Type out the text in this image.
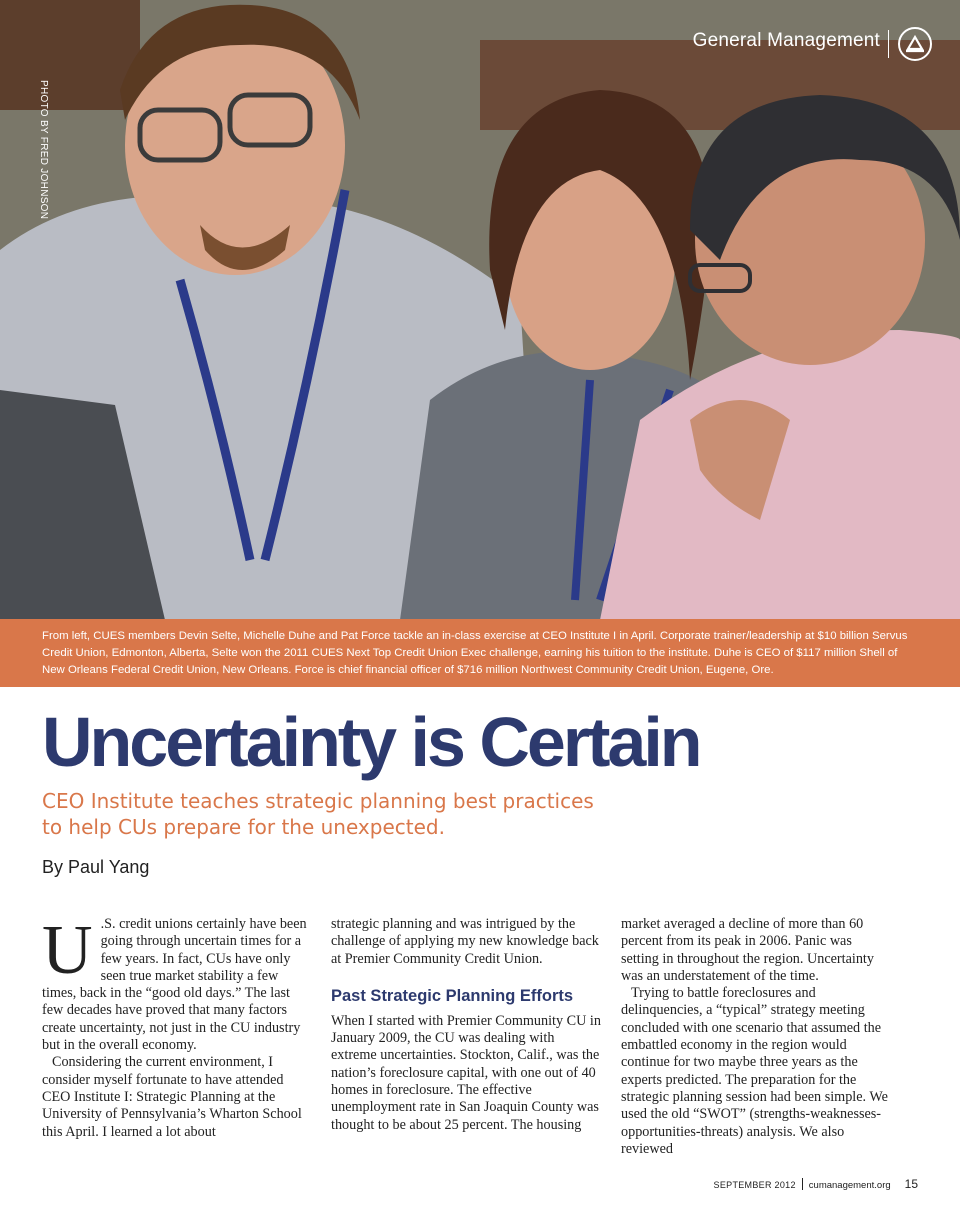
General Management
PHOTO BY FRED JOHNSON
From left, CUES members Devin Selte, Michelle Duhe and Pat Force tackle an in-class exercise at CEO Institute I in April. Corporate trainer/leadership at $10 billion Servus Credit Union, Edmonton, Alberta, Selte won the 2011 CUES Next Top Credit Union Exec challenge, earning his tuition to the institute. Duhe is CEO of $117 million Shell of New Orleans Federal Credit Union, New Orleans. Force is chief financial officer of $716 million Northwest Community Credit Union, Eugene, Ore.
Uncertainty is Certain
CEO Institute teaches strategic planning best practices
to help CUs prepare for the unexpected.
By Paul Yang

U .S. credit unions certainly have been going through uncertain times for a few years. In fact, CUs have only seen true market stability a few times, back in the “good old days.” The last few decades have proved that many factors create uncertainty, not just in the CU industry but in the overall economy.

Considering the current environment, I consider myself fortunate to have attended CEO Institute I: Strategic Planning at the University of Pennsylvania’s Wharton School this April. I learned a lot about

strategic planning and was intrigued by the challenge of applying my new knowledge back at Premier Community Credit Union.

Past Strategic Planning Efforts

When I started with Premier Community CU in January 2009, the CU was dealing with extreme uncertainties. Stockton, Calif., was the nation’s foreclosure capital, with one out of 40 homes in foreclosure. The effective unemployment rate in San Joaquin County was thought to be about 25 percent. The housing

market averaged a decline of more than 60 percent from its peak in 2006. Panic was setting in throughout the region. Uncertainty was an understatement of the time.

Trying to battle foreclosures and delinquencies, a “typical” strategy meeting concluded with one scenario that assumed the embattled economy in the region would continue for two maybe three years as the experts predicted. The preparation for the strategic planning session had been simple. We used the old “SWOT” (strengths-weaknesses-opportunities-threats) analysis. We also reviewed

SEPTEMBER 2012 cumanagement.org 15
